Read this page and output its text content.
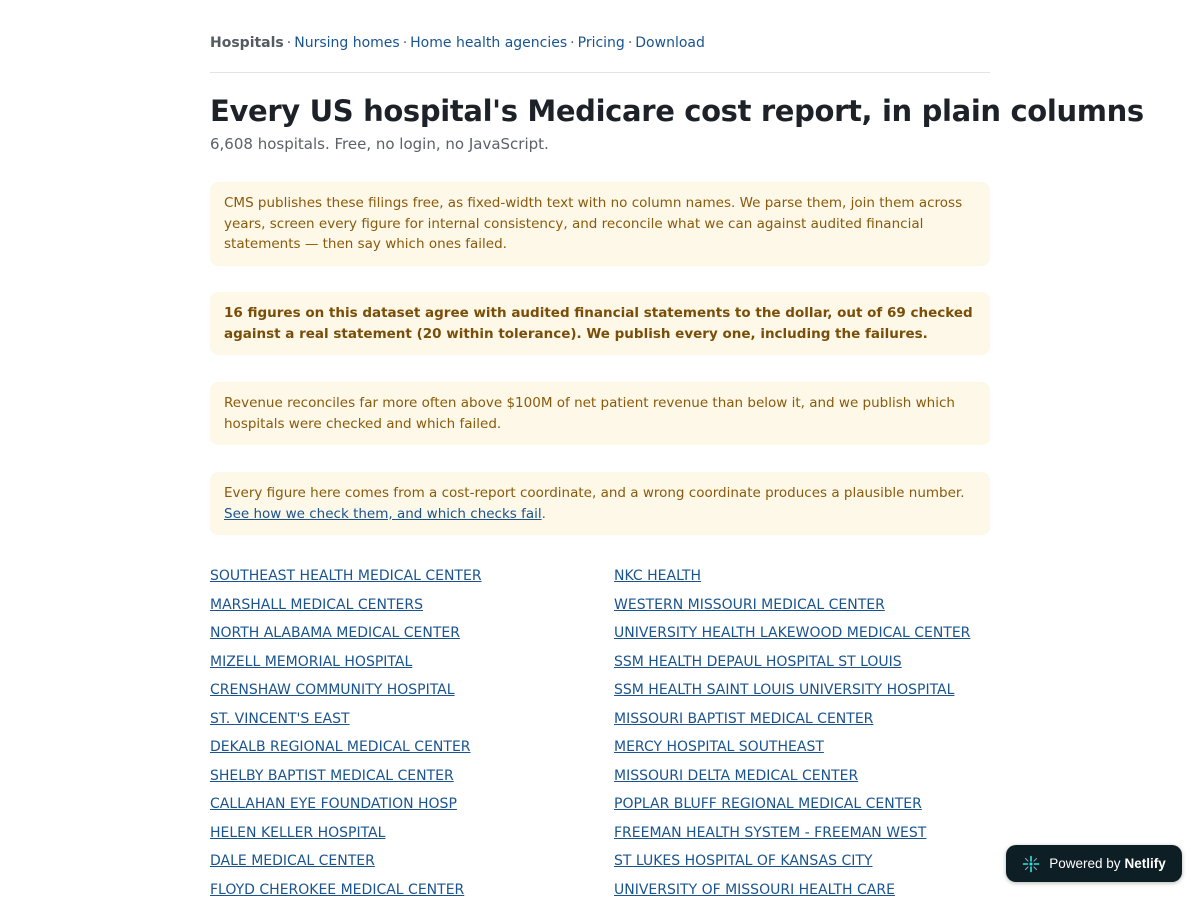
Hospitals · Nursing homes · Home health agencies · Pricing · Download
Every US hospital's Medicare cost report, in plain columns
6,608 hospitals. Free, no login, no JavaScript.
CMS publishes these filings free, as fixed-width text with no column names. We parse them, join them across years, screen every figure for internal consistency, and reconcile what we can against audited financial statements — then say which ones failed.
16 figures on this dataset agree with audited financial statements to the dollar, out of 69 checked against a real statement (20 within tolerance). We publish every one, including the failures.
Revenue reconciles far more often above $100M of net patient revenue than below it, and we publish which hospitals were checked and which failed.
Every figure here comes from a cost-report coordinate, and a wrong coordinate produces a plausible number. See how we check them, and which checks fail.
SOUTHEAST HEALTH MEDICAL CENTER
MARSHALL MEDICAL CENTERS
NORTH ALABAMA MEDICAL CENTER
MIZELL MEMORIAL HOSPITAL
CRENSHAW COMMUNITY HOSPITAL
ST. VINCENT'S EAST
DEKALB REGIONAL MEDICAL CENTER
SHELBY BAPTIST MEDICAL CENTER
CALLAHAN EYE FOUNDATION HOSP
HELEN KELLER HOSPITAL
DALE MEDICAL CENTER
FLOYD CHEROKEE MEDICAL CENTER
NKC HEALTH
WESTERN MISSOURI MEDICAL CENTER
UNIVERSITY HEALTH LAKEWOOD MEDICAL CENTER
SSM HEALTH DEPAUL HOSPITAL ST LOUIS
SSM HEALTH SAINT LOUIS UNIVERSITY HOSPITAL
MISSOURI BAPTIST MEDICAL CENTER
MERCY HOSPITAL SOUTHEAST
MISSOURI DELTA MEDICAL CENTER
POPLAR BLUFF REGIONAL MEDICAL CENTER
FREEMAN HEALTH SYSTEM - FREEMAN WEST
ST LUKES HOSPITAL OF KANSAS CITY
UNIVERSITY OF MISSOURI HEALTH CARE
Powered by Netlify
